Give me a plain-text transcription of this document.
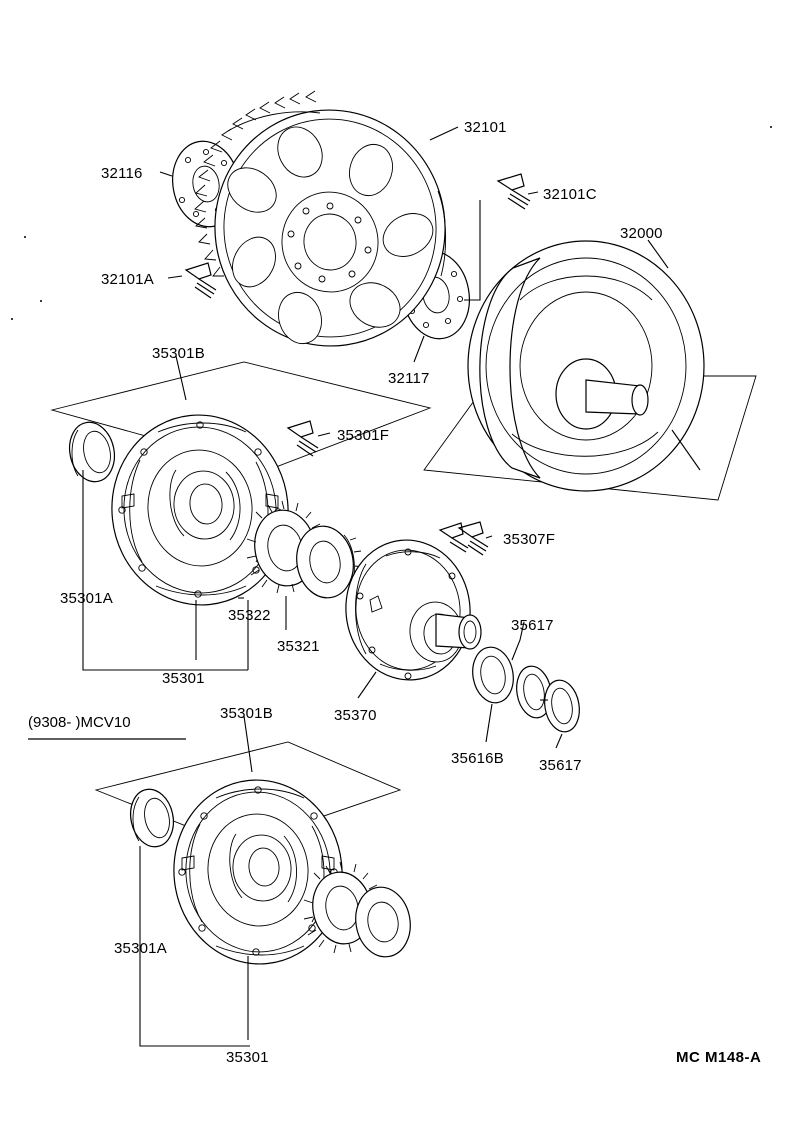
32116
32101
32101C
32000
32101A
32117
35301B
35301F
35307F
35301A
35322
35321
35301
35617
35616B 35617
35370
35301B
35301A
35301
(9308- )MCV10
MC M148-A
